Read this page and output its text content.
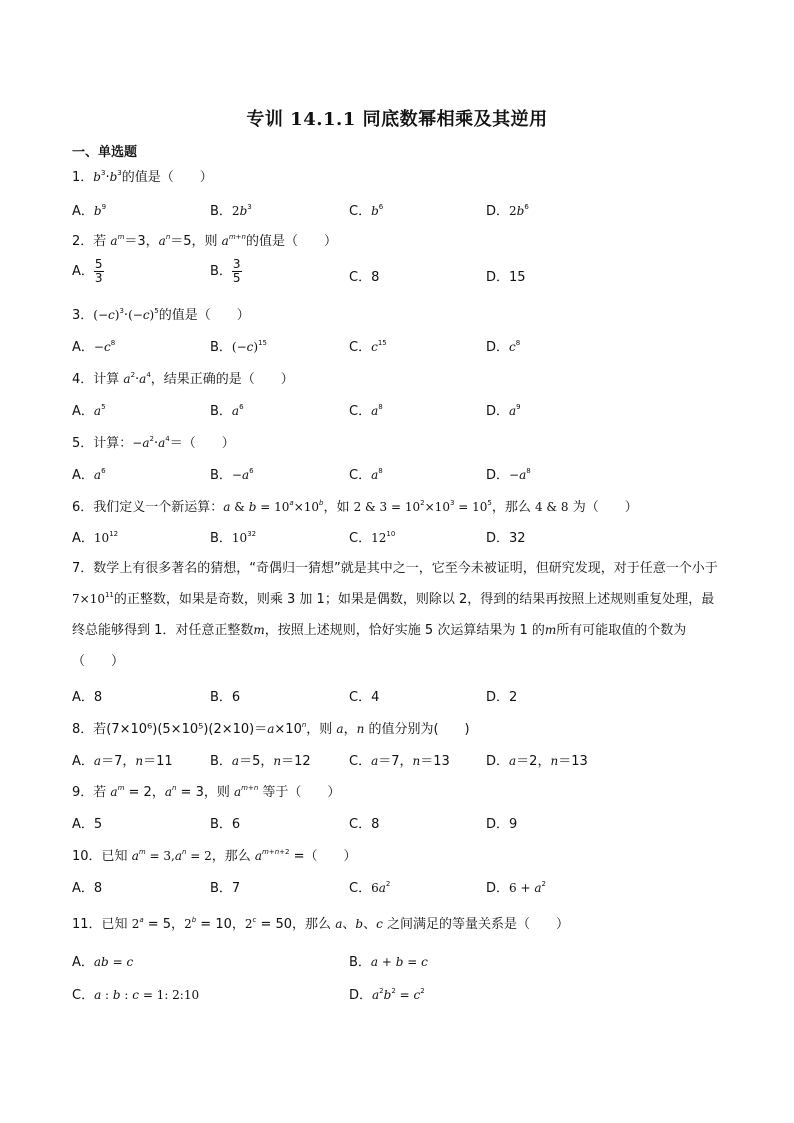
专训 14.1.1 同底数幂相乘及其逆用
一、单选题
1．$b^3\cdot b^3$的值是（　　）
A．$b^9$	B．$2b^3$	C．$b^6$	D．$2b^6$
2．若 $a^m=3$，$a^n=5$，则 $a^{m+n}$的值是（　　）
A． $\frac{5}{3}$	B． $\frac{3}{5}$	C．8	D．15
3．$(-c)^3\cdot(-c)^5$的值是（　　）
A．$-c^8$	B．$(-c)^{15}$	C．$c^{15}$	D．$c^8$
4．计算 $a^2\cdot a^4$，结果正确的是（　　）
A．$a^5$	B．$a^6$	C．$a^8$	D．$a^9$
5．计算：$-a^2\cdot a^4=$（　　）
A．$a^6$	B．$-a^6$	C．$a^8$	D．$-a^8$
6．我们定义一个新运算：a & $b = 10^a\times 10^b$，如 2 & $3 = 10^2\times 10^3 = 10^5$，那么 4 & 8 为（　　）
A．$10^{12}$	B．$10^{32}$	C．$12^{10}$	D．32
7．数学上有很多著名的猜想，“奇偶归一猜想”就是其中之一，它至今未被证明，但研究发现，对于任意一个小于$7\times 10^{11}$的正整数，如果是奇数，则乘 3 加 1；如果是偶数，则除以 2，得到的结果再按照上述规则重复处理，最终总能够得到 1．对任意正整数m，按照上述规则，恰好实施 5 次运算结果为 1 的m所有可能取值的个数为（　　）
A．8	B．6	C．4	D．2
8．若$(7\times 10^6)(5\times 10^5)(2\times 10)=a\times 10^n$，则 a，n 的值分别为(　　)
A．a＝7，n＝11	B．a＝5，n＝12	C．a＝7，n＝13	D．a＝2，n＝13
9．若 $a^m = 2$，$a^n = 3$，则 $a^{m+n}$ 等于（　　）
A．5	B．6	C．8	D．9
10．已知 $a^m = 3,a^n = 2$，那么 $a^{m+n+2}$ =（　　）
A．8	B．7	C．$6a^2$	D．$6 + a^2$
11．已知 $2^a = 5$，$2^b = 10$，$2^c = 50$，那么 a、b、c 之间满足的等量关系是（　　）
A．ab = c	B．a + b = c
C．a : b : c = 1: 2:10	D．$a^2b^2 = c^2$
